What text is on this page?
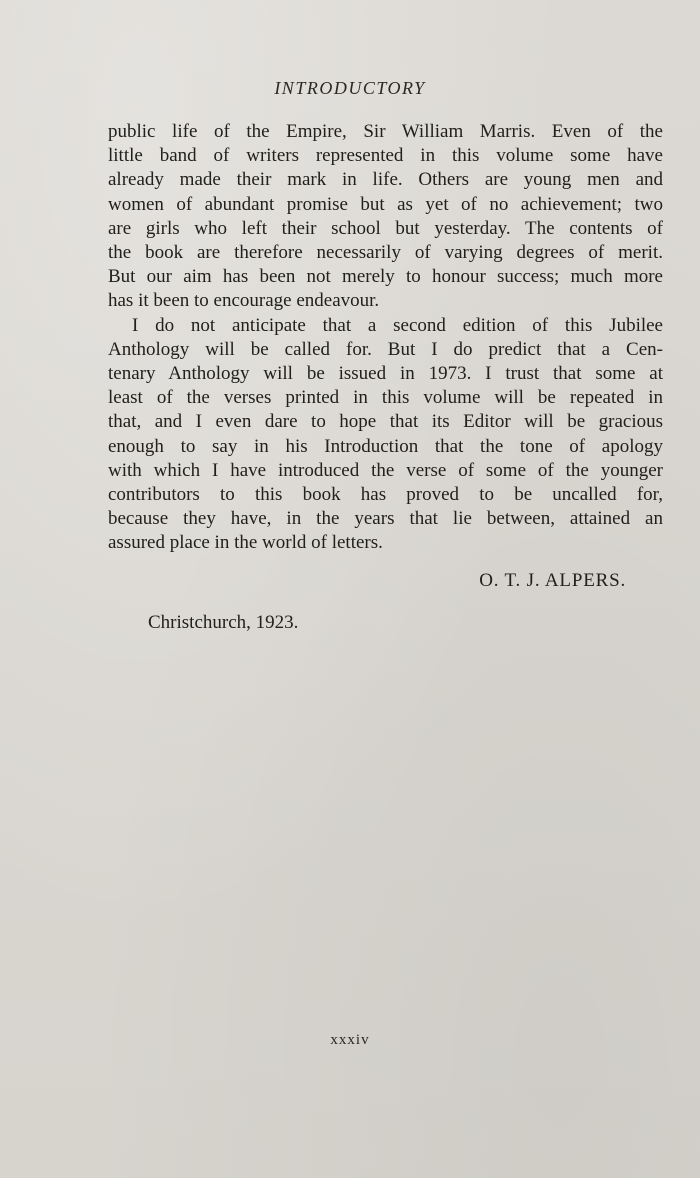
INTRODUCTORY

public life of the Empire, Sir William Marris. Even of the
little band of writers represented in this volume some have
already made their mark in life. Others are young men and
women of abundant promise but as yet of no achievement; two
are girls who left their school but yesterday. The contents of
the book are therefore necessarily of varying degrees of merit.
But our aim has been not merely to honour success; much more
has it been to encourage endeavour.

I do not anticipate that a second edition of this Jubilee
Anthology will be called for. But I do predict that a Cen-
tenary Anthology will be issued in 1973. I trust that some at
least of the verses printed in this volume will be repeated in
that, and I even dare to hope that its Editor will be gracious
enough to say in his Introduction that the tone of apology
with which I have introduced the verse of some of the younger
contributors to this book has proved to be uncalled for,
because they have, in the years that lie between, attained an
assured place in the world of letters.

O. T. J. ALPERS.
Christchurch, 1923.
xxxiv
